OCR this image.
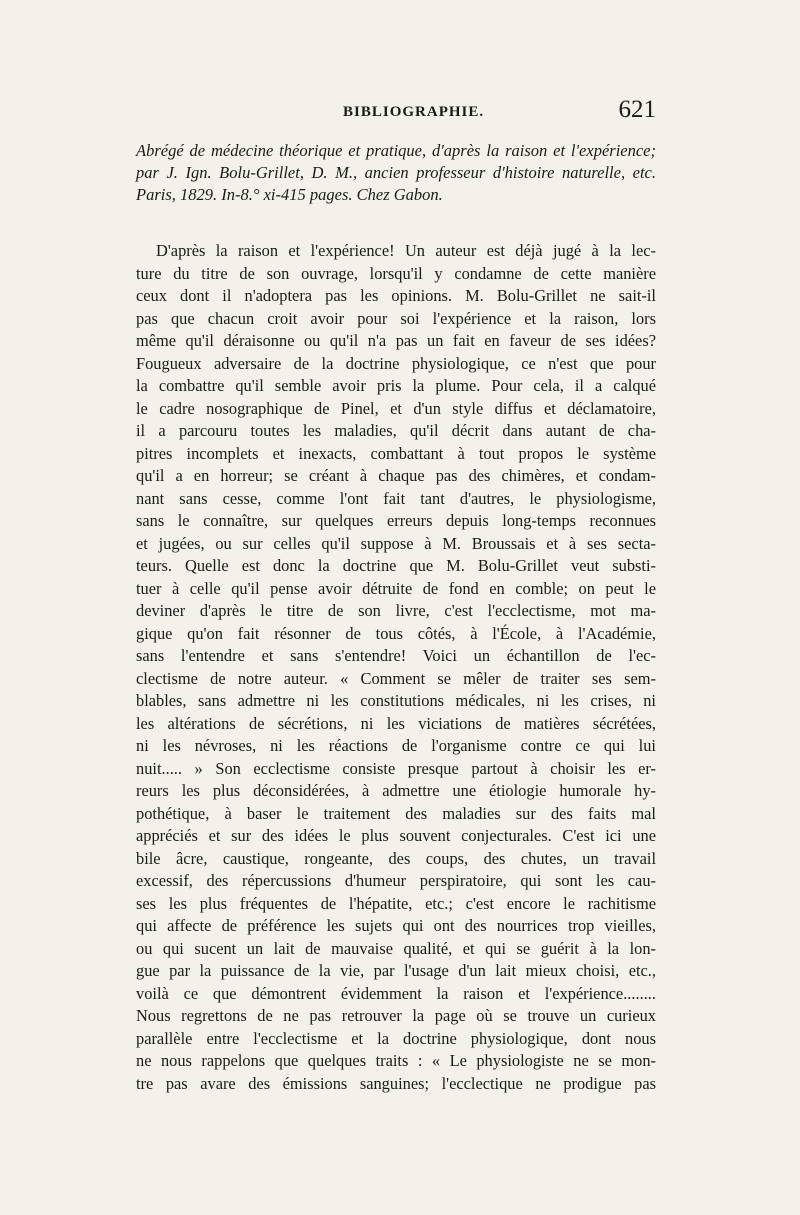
BIBLIOGRAPHIE.	621
Abrégé de médecine théorique et pratique, d'après la raison et l'expérience; par J. Ign. Bolu-Grillet, D. M., ancien professeur d'histoire naturelle, etc. Paris, 1829. In-8.° xi-415 pages. Chez Gabon.
D'après la raison et l'expérience! Un auteur est déjà jugé à la lec-
ture du titre de son ouvrage, lorsqu'il y condamne de cette manière
ceux dont il n'adoptera pas les opinions. M. Bolu-Grillet ne sait-il
pas que chacun croit avoir pour soi l'expérience et la raison, lors
même qu'il déraisonne ou qu'il n'a pas un fait en faveur de ses idées?
Fougueux adversaire de la doctrine physiologique, ce n'est que pour
la combattre qu'il semble avoir pris la plume. Pour cela, il a calqué
le cadre nosographique de Pinel, et d'un style diffus et déclamatoire,
il a parcouru toutes les maladies, qu'il décrit dans autant de cha-
pitres incomplets et inexacts, combattant à tout propos le système
qu'il a en horreur; se créant à chaque pas des chimères, et condam-
nant sans cesse, comme l'ont fait tant d'autres, le physiologisme,
sans le connaître, sur quelques erreurs depuis long-temps reconnues
et jugées, ou sur celles qu'il suppose à M. Broussais et à ses secta-
teurs. Quelle est donc la doctrine que M. Bolu-Grillet veut substi-
tuer à celle qu'il pense avoir détruite de fond en comble; on peut le
deviner d'après le titre de son livre, c'est l'ecclectisme, mot ma-
gique qu'on fait résonner de tous côtés, à l'École, à l'Académie,
sans l'entendre et sans s'entendre! Voici un échantillon de l'ec-
clectisme de notre auteur. « Comment se mêler de traiter ses sem-
blables, sans admettre ni les constitutions médicales, ni les crises, ni
les altérations de sécrétions, ni les viciations de matières sécrétées,
ni les névroses, ni les réactions de l'organisme contre ce qui lui
nuit..... » Son ecclectisme consiste presque partout à choisir les er-
reurs les plus déconsidérées, à admettre une étiologie humorale hy-
pothétique, à baser le traitement des maladies sur des faits mal
appréciés et sur des idées le plus souvent conjecturales. C'est ici une
bile âcre, caustique, rongeante, des coups, des chutes, un travail
excessif, des répercussions d'humeur perspiratoire, qui sont les cau-
ses les plus fréquentes de l'hépatite, etc.; c'est encore le rachitisme
qui affecte de préférence les sujets qui ont des nourrices trop vieilles,
ou qui sucent un lait de mauvaise qualité, et qui se guérit à la lon-
gue par la puissance de la vie, par l'usage d'un lait mieux choisi, etc.,
voilà ce que démontrent évidemment la raison et l'expérience........
Nous regrettons de ne pas retrouver la page où se trouve un curieux
parallèle entre l'ecclectisme et la doctrine physiologique, dont nous
ne nous rappelons que quelques traits : « Le physiologiste ne se mon-
tre pas avare des émissions sanguines; l'ecclectique ne prodigue pas
